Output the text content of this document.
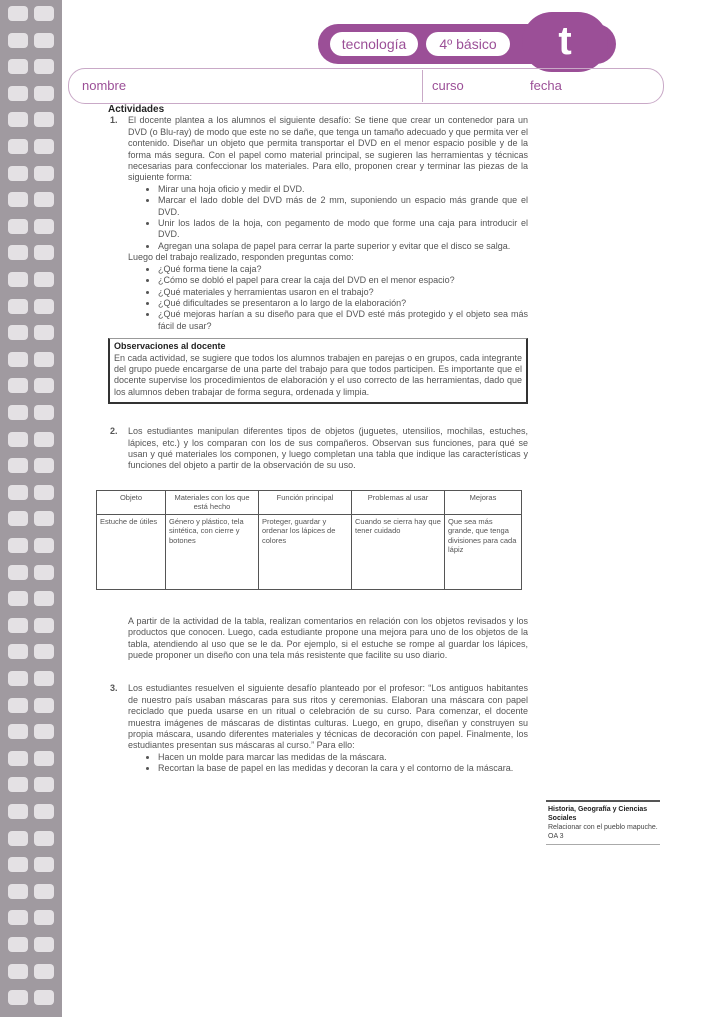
tecnología	4º básico	t
nombre	curso	fecha

Actividades

1. El docente plantea a los alumnos el siguiente desafío: Se tiene que crear un contenedor para un DVD (o Blu-ray) de modo que este no se dañe, que tenga un tamaño adecuado y que permita ver el contenido. Diseñar un objeto que permita transportar el DVD en el menor espacio posible y de la forma más segura. Con el papel como material principal, se sugieren las herramientas y técnicas necesarias para confeccionar los materiales. Para ello, proponen crear y terminar las piezas de la siguiente forma:

• Mirar una hoja oficio y medir el DVD.
• Marcar el lado doble del DVD más de 2 mm, suponiendo un espacio más grande que el DVD.
• Unir los lados de la hoja, con pegamento de modo que forme una caja para introducir el DVD.
• Agregan una solapa de papel para cerrar la parte superior y evitar que el disco se salga.

Luego del trabajo realizado, responden preguntas como:

• ¿Qué forma tiene la caja?
• ¿Cómo se dobló el papel para crear la caja del DVD en el menor espacio?
• ¿Qué materiales y herramientas usaron en el trabajo?
• ¿Qué dificultades se presentaron a lo largo de la elaboración?
• ¿Qué mejoras harían a su diseño para que el DVD esté más protegido y el objeto sea más fácil de usar?

Observaciones al docente

En cada actividad, se sugiere que todos los alumnos trabajen en parejas o en grupos, cada integrante del grupo puede encargarse de una parte del trabajo para que todos participen. Es importante que el docente supervise los procedimientos de elaboración y el uso correcto de las herramientas, dado que los alumnos deben trabajar de forma segura, ordenada y limpia.

2. Los estudiantes manipulan diferentes tipos de objetos (juguetes, utensilios, mochilas, estuches, lápices, etc.) y los comparan con los de sus compañeros. Observan sus funciones, para qué se usan y qué materiales los componen, y luego completan una tabla que indique las características y funciones del objeto a partir de la observación de su uso.

Objeto	Materiales con los que está hecho	Función principal	Problemas al usar	Mejoras
Estuche de útiles	Género y plástico, tela sintética, con cierre y botones	Proteger, guardar y ordenar los lápices de colores	Cuando se cierra hay que tener cuidado	Que sea más grande, que tenga divisiones para cada lápiz

A partir de la actividad de la tabla, realizan comentarios en relación con los objetos revisados y los productos que conocen. Luego, cada estudiante propone una mejora para uno de los objetos de la tabla, atendiendo al uso que se le da. Por ejemplo, si el estuche se rompe al guardar los lápices, puede proponer un diseño con una tela más resistente que facilite su uso diario.

3. Los estudiantes resuelven el siguiente desafío planteado por el profesor: “Los antiguos habitantes de nuestro país usaban máscaras para sus ritos y ceremonias. Elaboran una máscara con papel reciclado que pueda usarse en un ritual o celebración de su curso. Para comenzar, el docente muestra imágenes de máscaras de distintas culturas. Luego, en grupo, diseñan y construyen su propia máscara, usando diferentes materiales y técnicas de decoración con papel. Finalmente, los estudiantes presentan sus máscaras al curso.” Para ello:

• Hacen un molde para marcar las medidas de la máscara.
• Recortan la base de papel en las medidas y decoran la cara y el contorno de la máscara.
Historia, Geografía y Ciencias Sociales
Relacionar con el pueblo mapuche. OA 3
